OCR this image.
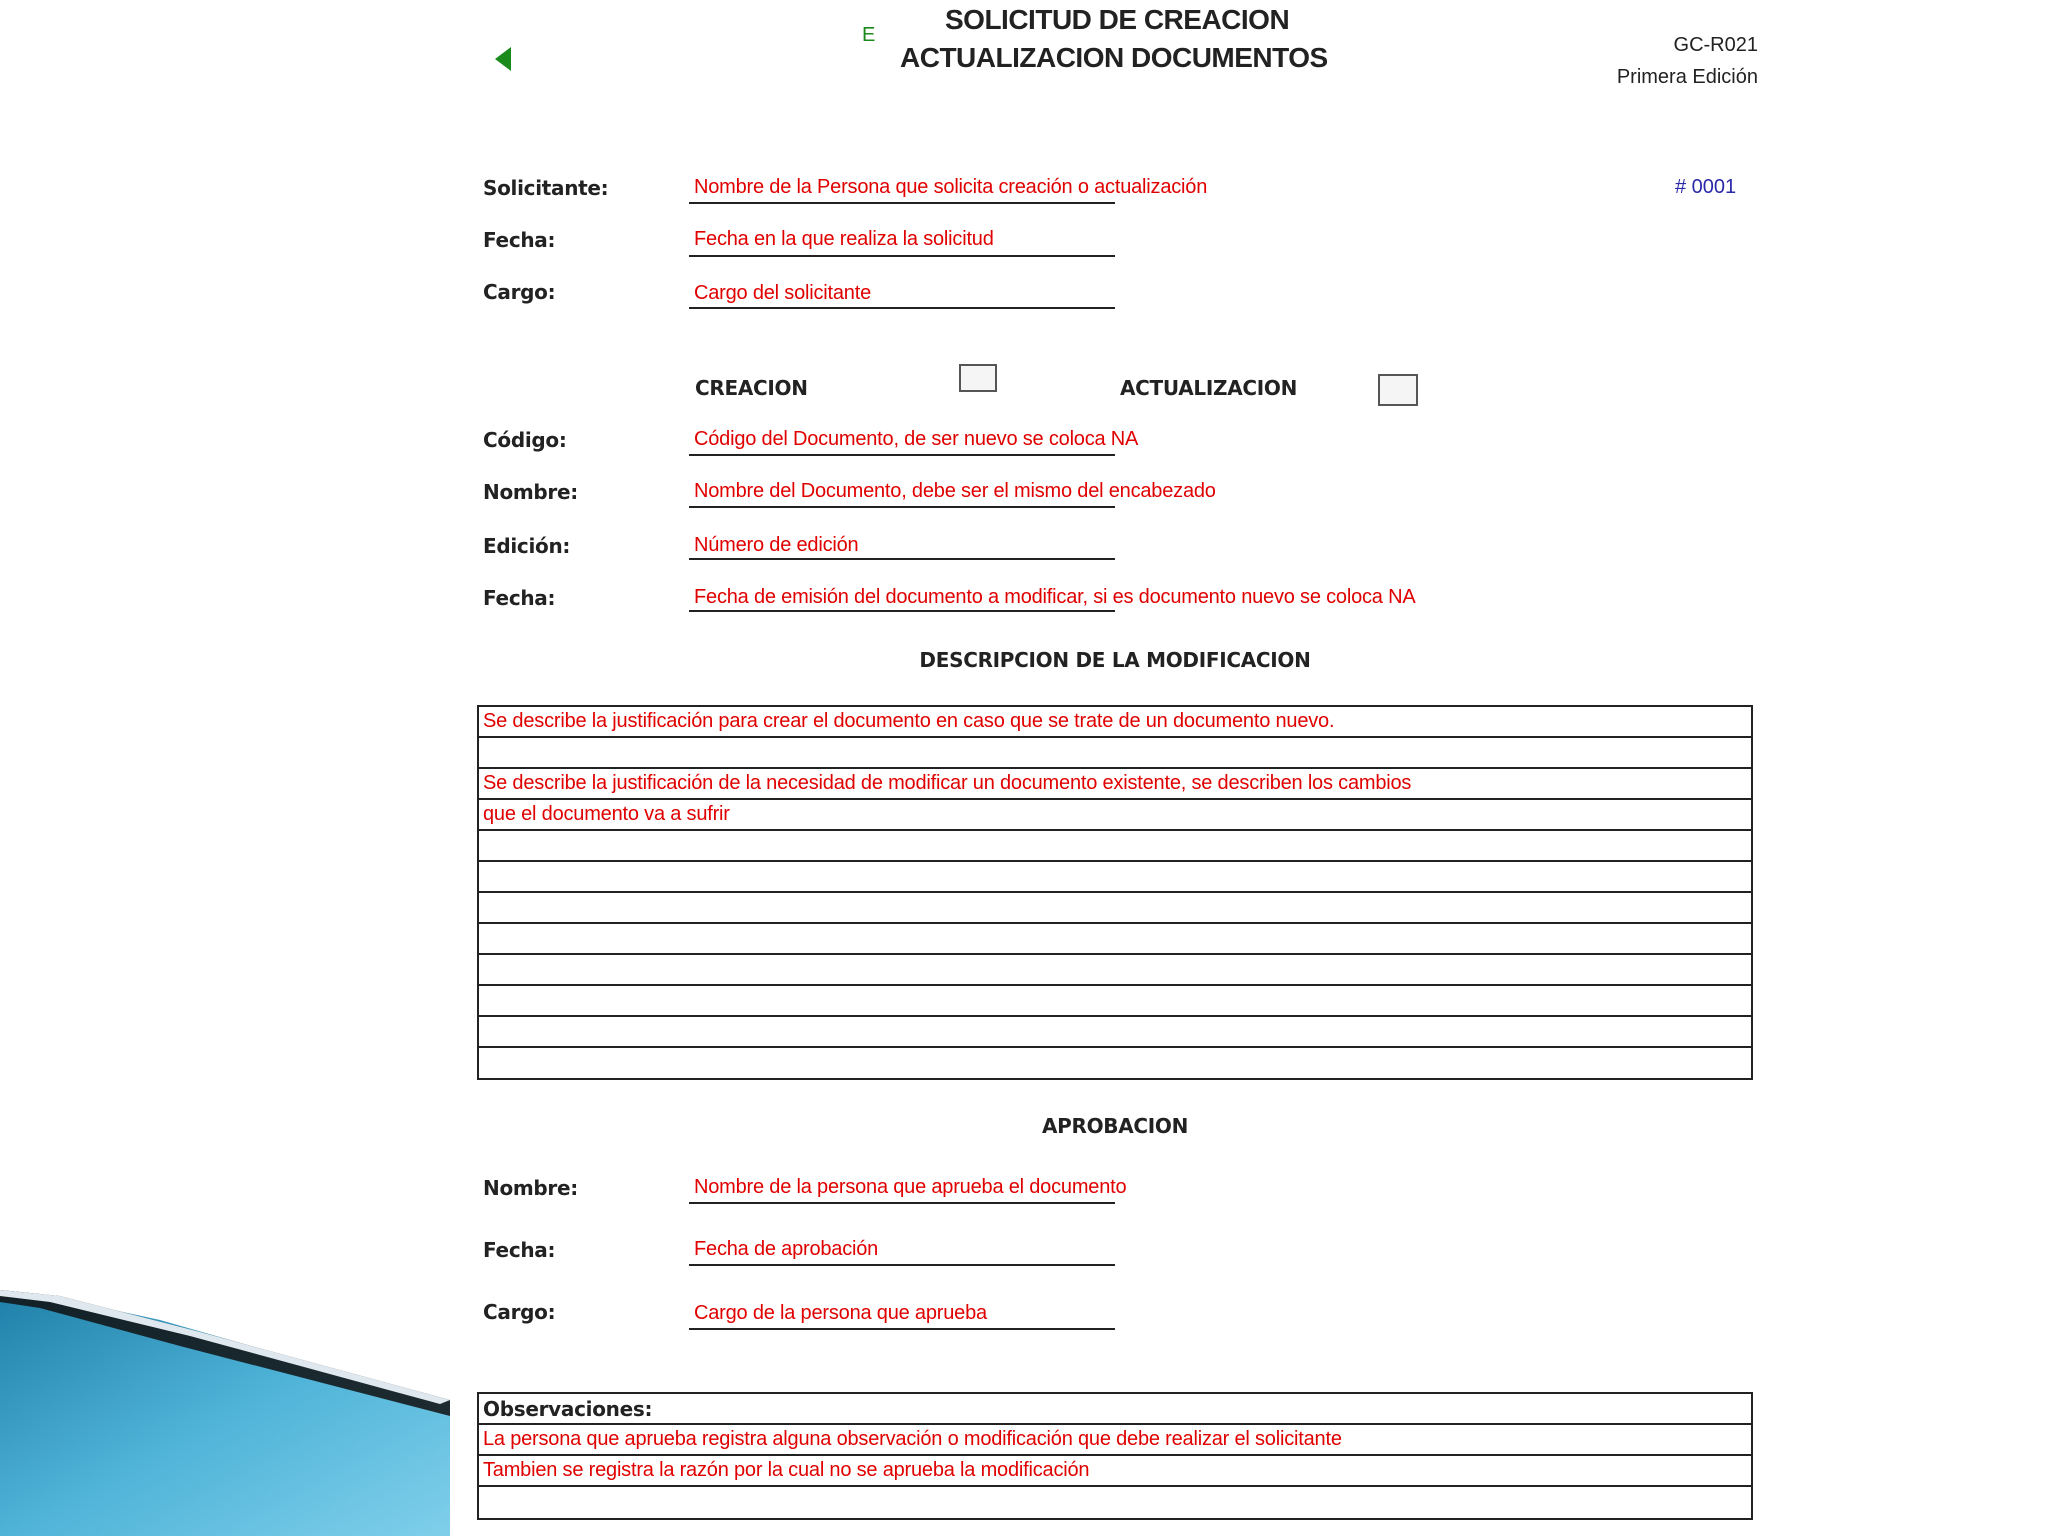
E SOLICITUD DE CREACION
ACTUALIZACION DOCUMENTOS	GC-R021
Primera Edición
Solicitante:	Nombre de la Persona que solicita creación o actualización	# 0001
Fecha:	Fecha en la que realiza la solicitud
Cargo:	Cargo del solicitante
CREACION	ACTUALIZACION
Código:	Código del Documento, de ser nuevo se coloca NA
Nombre:	Nombre del Documento, debe ser el mismo del encabezado
Edición:	Número de edición
Fecha:	Fecha de emisión del documento a modificar, si es documento nuevo se coloca NA
DESCRIPCION DE LA MODIFICACION
Se describe la justificación para crear el documento en caso que se trate de un documento nuevo.
Se describe la justificación de la necesidad de modificar un documento existente, se describen los cambios
que el documento va a sufrir
APROBACION
Nombre:	Nombre de la persona que aprueba el documento
Fecha:	Fecha de aprobación
Cargo:	Cargo de la persona que aprueba
Observaciones:
La persona que aprueba registra alguna observación o modificación que debe realizar el solicitante
Tambien se registra la razón por la cual no se aprueba la modificación
